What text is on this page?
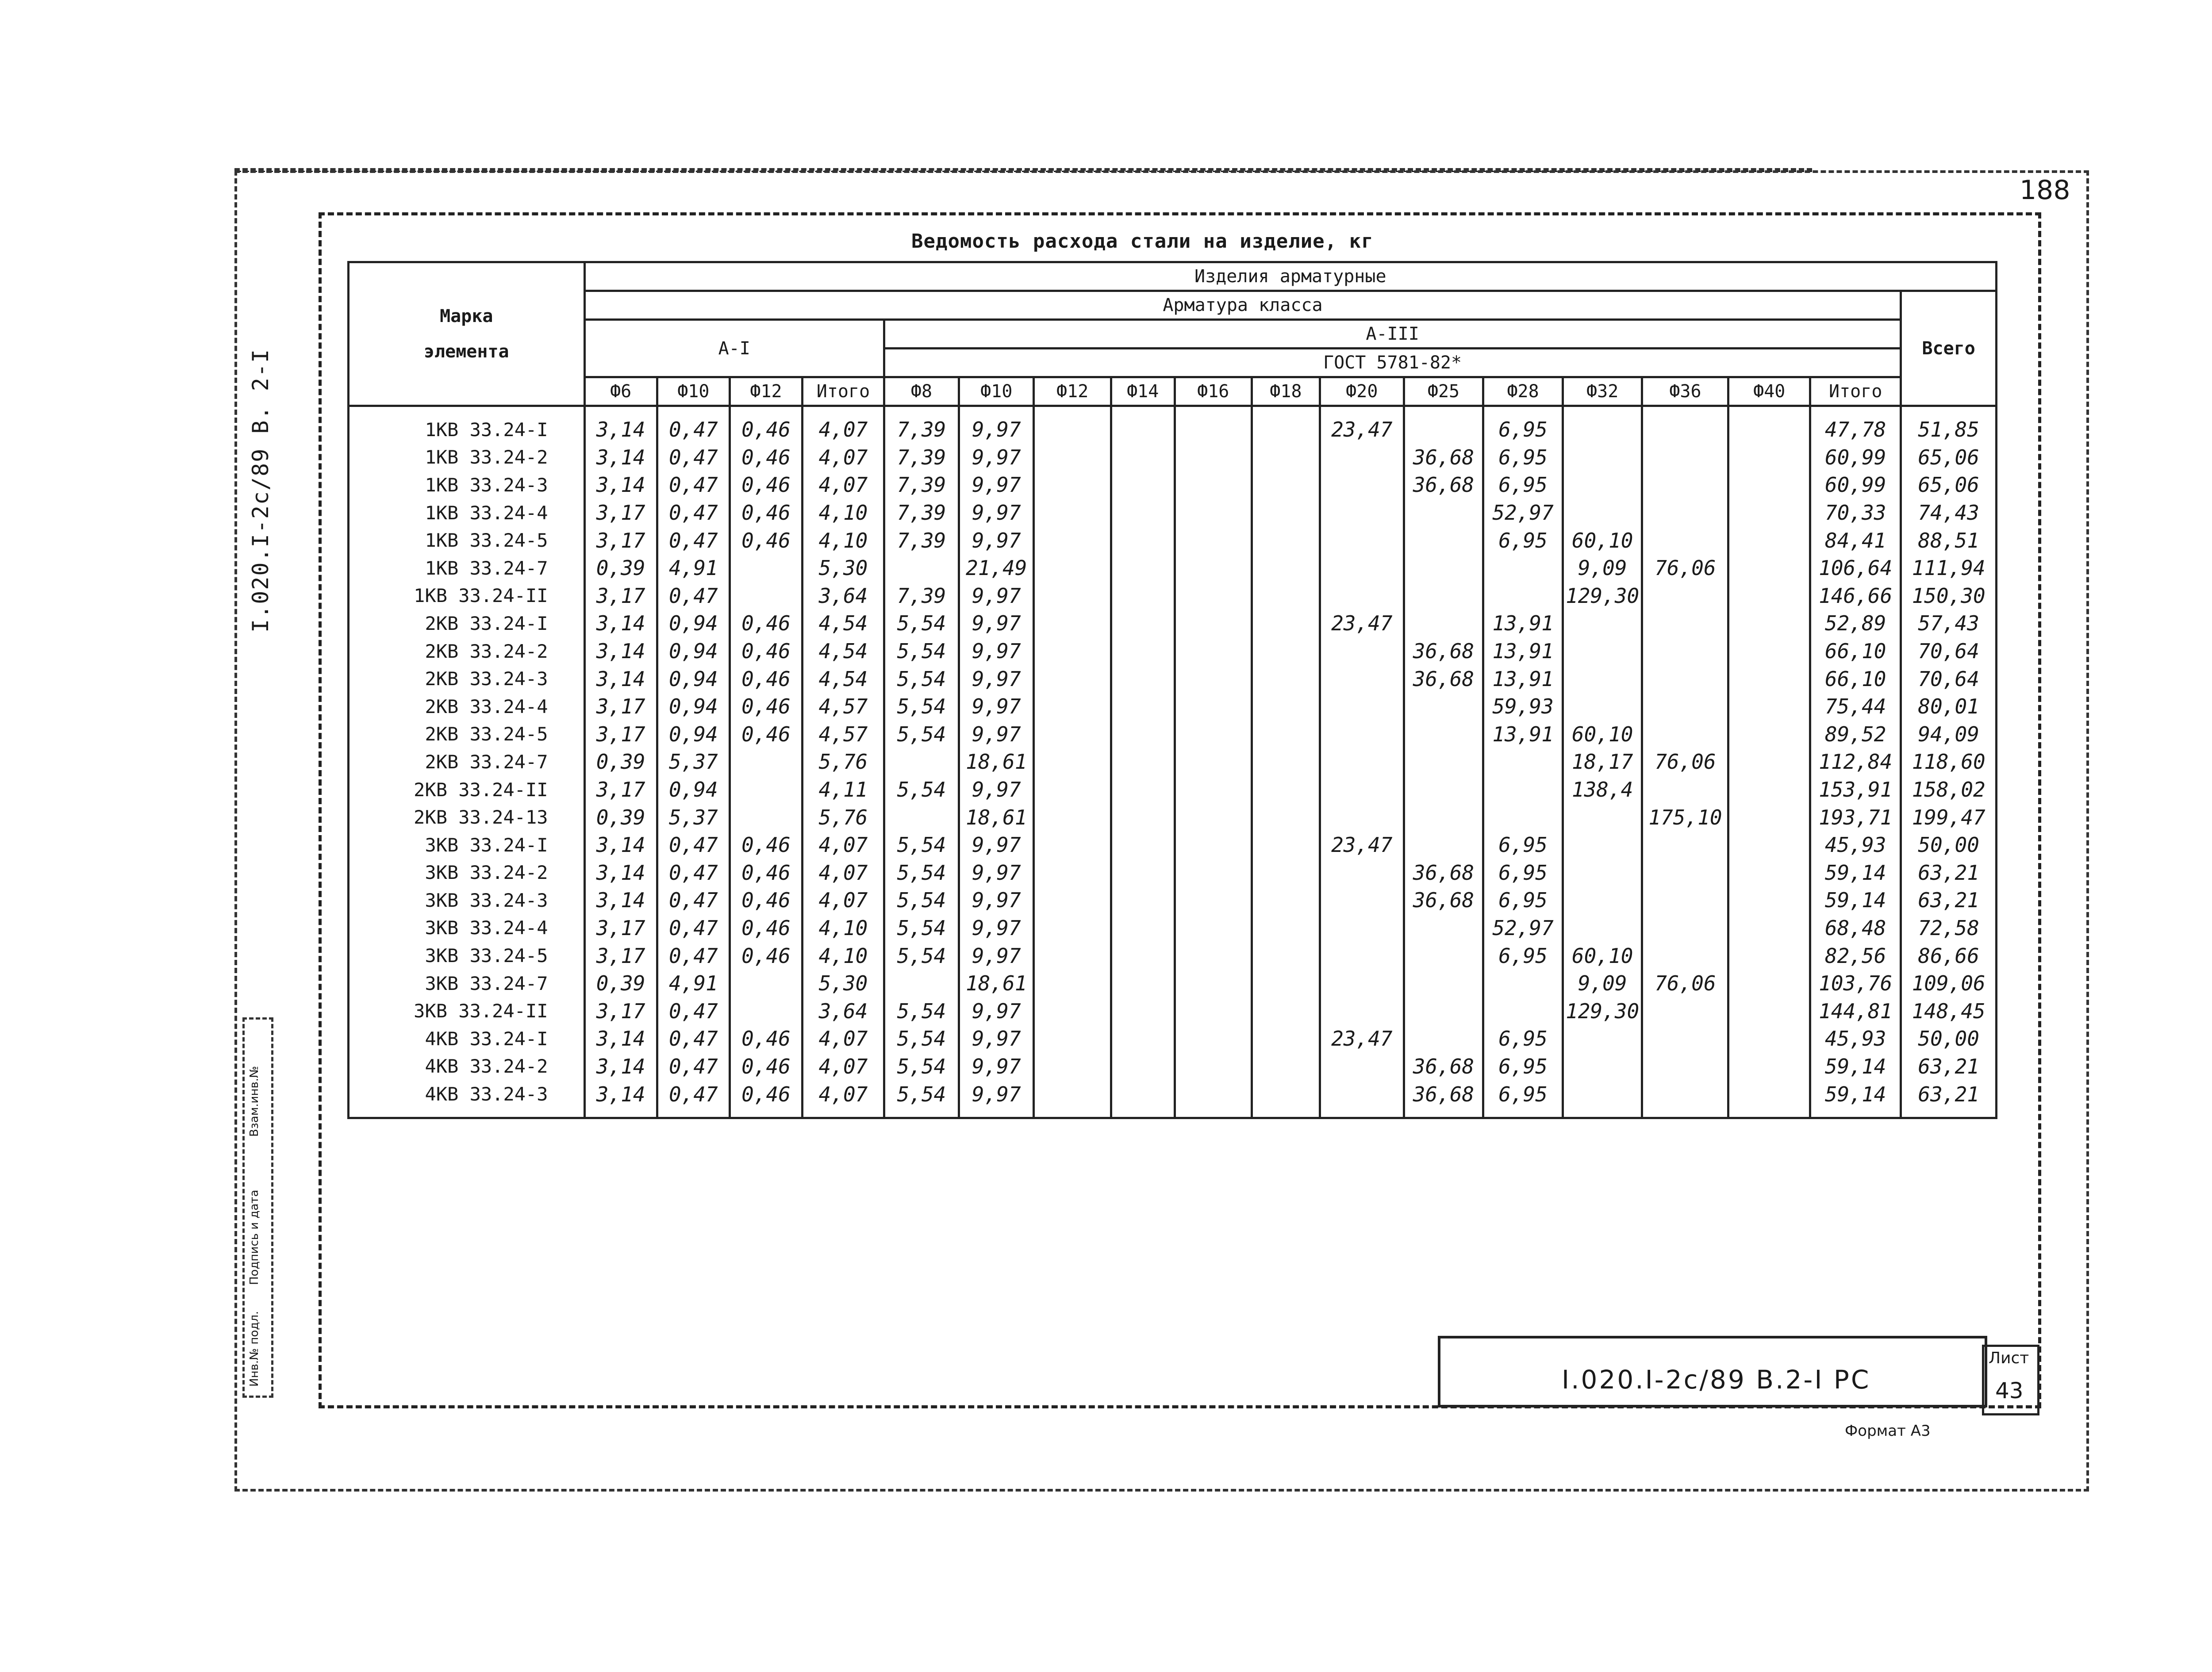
188
I.020.I-2с/89 В. 2-I
Ведомость расхода стали на изделие, кг
Марка
элемента	Изделия арматурные																	
	Арматура класса																	Всего
	А-I				А-III													
					ГОСТ 5781-82*													
	Ф6	Ф10	Ф12	Итого	Ф8	Ф10	Ф12	Ф14	Ф16	Ф18	Ф20	Ф25	Ф28	Ф32	Ф36	Ф40	Итого	
1КВ 33.24-I	3,14	0,47	0,46	4,07	7,39	9,97					23,47		6,95				47,78	51,85
1КВ 33.24-2	3,14	0,47	0,46	4,07	7,39	9,97						36,68	6,95				60,99	65,06
1КВ 33.24-3	3,14	0,47	0,46	4,07	7,39	9,97						36,68	6,95				60,99	65,06
1КВ 33.24-4	3,17	0,47	0,46	4,10	7,39	9,97							52,97				70,33	74,43
1КВ 33.24-5	3,17	0,47	0,46	4,10	7,39	9,97							6,95	60,10			84,41	88,51
1КВ 33.24-7	0,39	4,91		5,30		21,49								9,09	76,06		106,64	111,94
1КВ 33.24-II	3,17	0,47		3,64	7,39	9,97								129,30			146,66	150,30
2КВ 33.24-I	3,14	0,94	0,46	4,54	5,54	9,97					23,47		13,91				52,89	57,43
2КВ 33.24-2	3,14	0,94	0,46	4,54	5,54	9,97						36,68	13,91				66,10	70,64
2КВ 33.24-3	3,14	0,94	0,46	4,54	5,54	9,97						36,68	13,91				66,10	70,64
2КВ 33.24-4	3,17	0,94	0,46	4,57	5,54	9,97							59,93				75,44	80,01
2КВ 33.24-5	3,17	0,94	0,46	4,57	5,54	9,97							13,91	60,10			89,52	94,09
2КВ 33.24-7	0,39	5,37		5,76		18,61								18,17	76,06		112,84	118,60
2КВ 33.24-II	3,17	0,94		4,11	5,54	9,97								138,4			153,91	158,02
2КВ 33.24-13	0,39	5,37		5,76		18,61									175,10		193,71	199,47
3КВ 33.24-I	3,14	0,47	0,46	4,07	5,54	9,97					23,47		6,95				45,93	50,00
3КВ 33.24-2	3,14	0,47	0,46	4,07	5,54	9,97						36,68	6,95				59,14	63,21
3КВ 33.24-3	3,14	0,47	0,46	4,07	5,54	9,97						36,68	6,95				59,14	63,21
3КВ 33.24-4	3,17	0,47	0,46	4,10	5,54	9,97							52,97				68,48	72,58
3КВ 33.24-5	3,17	0,47	0,46	4,10	5,54	9,97							6,95	60,10			82,56	86,66
3КВ 33.24-7	0,39	4,91		5,30		18,61								9,09	76,06		103,76	109,06
3КВ 33.24-II	3,17	0,47		3,64	5,54	9,97								129,30			144,81	148,45
4КВ 33.24-I	3,14	0,47	0,46	4,07	5,54	9,97					23,47		6,95				45,93	50,00
4КВ 33.24-2	3,14	0,47	0,46	4,07	5,54	9,97						36,68	6,95				59,14	63,21
4КВ 33.24-3	3,14	0,47	0,46	4,07	5,54	9,97						36,68	6,95				59,14	63,21
Инв.№ подл.
Подпись и дата
Взам.инв.№
I.020.I-2с/89 В.2-I РС
Лист
43
Формат А3
